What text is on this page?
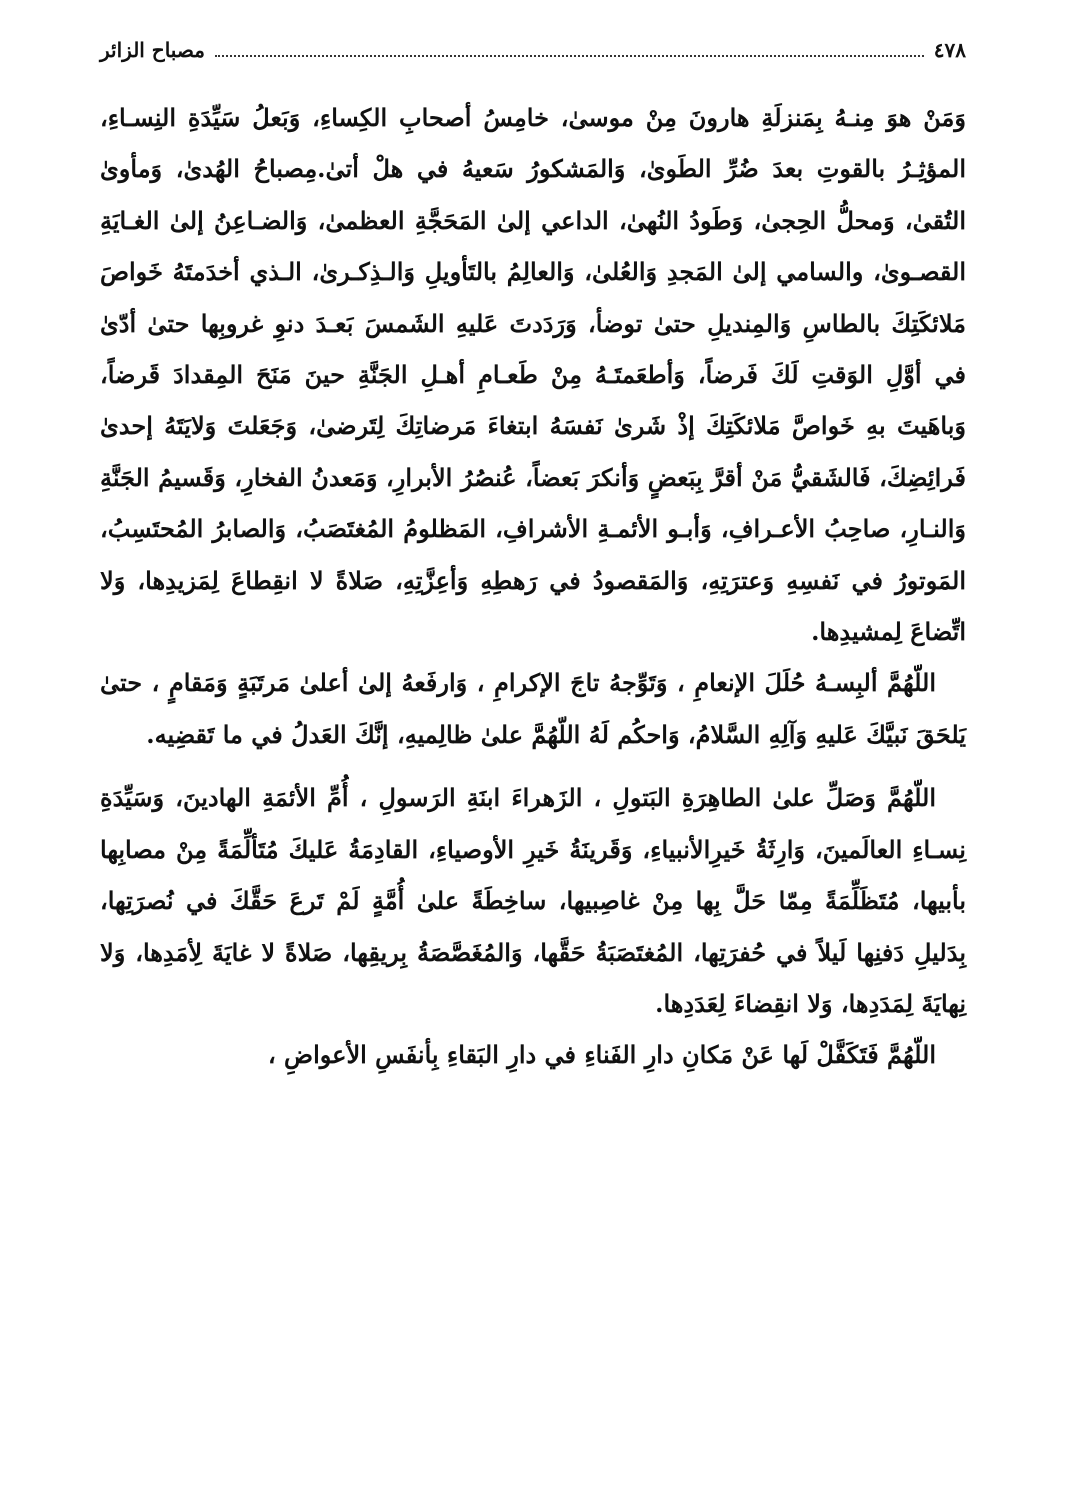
٤٧٨
مصباح الزائر

وَمَنْ هوَ مِنـهُ بِمَنزلَةِ هارونَ مِنْ موسىٰ، خامِسُ أصحابِ الكِساءِ، وَبَعلُ سَيِّدَةِ النِسـاءِ، المؤثِـرُ بالقوتِ بعدَ ضُرِّ الطَوىٰ، وَالمَشكورُ سَعيهُ في هلْ أتىٰ.مِصباحُ الهُدىٰ، وَمأوىٰ التُقىٰ، وَمحلُّ الحِجىٰ، وَطَودُ النُهىٰ، الداعي إلىٰ المَحَجَّةِ العظمىٰ، وَالضـاعِنُ إلىٰ الغـايَةِ القصـوىٰ، والسامي إلىٰ المَجدِ وَالعُلىٰ، وَالعالِمُ بالتَأويلِ وَالـذِكـرىٰ، الـذي أخدَمتَهُ خَواصَ مَلائكَتِكَ بالطاسِ وَالمِنديلِ حتىٰ توضأ، وَرَدَدتَ عَليهِ الشَمسَ بَعـدَ دنوِ غروبِها حتىٰ أدّىٰ في أوَّلِ الوَقتِ لَكَ فَرضاً، وَأطعَمتَـهُ مِنْ طَعـامِ أهـلِ الجَنَّةِ حينَ مَنَحَ المِقدادَ قَرضاً، وَباهَيتَ بهِ خَواصَّ مَلائكَتِكَ إذْ شَرىٰ نَفسَهُ ابتغاءَ مَرضاتِكَ لِتَرضىٰ، وَجَعَلتَ وَلايَتَهُ إحدىٰ فَرائِضِكَ، فَالشَقيُّ مَنْ أقرَّ بِبَعضٍ وَأنكرَ بَعضاً، عُنصُرُ الأبرارِ، وَمَعدنُ الفخارِ، وَقَسيمُ الجَنَّةِ وَالنـارِ، صاحِبُ الأعـرافِ، وَأبـو الأئمـةِ الأشرافِ، المَظلومُ المُغتَصَبُ، وَالصابرُ المُحتَسِبُ، المَوتورُ في نَفسِهِ وَعترَتِهِ، وَالمَقصودُ في رَهطِهِ وَأعِزَّتِهِ، صَلاةً لا انقِطاعَ لِمَزيدِها، وَلا اتِّضاعَ لِمشيدِها.

اللّهُمَّ ألبِسـهُ حُلَلَ الإنعامِ ، وَتَوِّجهُ تاجَ الإكرامِ ، وَارفَعهُ إلىٰ أعلىٰ مَرتَبَةٍ وَمَقامٍ ، حتىٰ يَلحَقَ نَبيَّكَ عَليهِ وَآلِهِ السَّلامُ، وَاحكُم لَهُ اللّهُمَّ علىٰ ظالِميهِ، إنَّكَ العَدلُ في ما تَقضِيه.

اللّهُمَّ وَصَلِّ علىٰ الطاهِرَةِ البَتولِ ، الزَهراءَ ابنَةِ الرَسولِ ، أُمِّ الأئمَةِ الهادينَ، وَسَيِّدَةِ نِسـاءِ العالَمينَ، وَارِثَةُ خَيرِالأنبياءِ، وَقَرينَةُ خَيرِ الأوصياءِ، القادِمَةُ عَليكَ مُتَألِّمَةً مِنْ مصابِها بأبيها، مُتَظَلِّمَةً مِمّا حَلَّ بِها مِنْ غاصِبيها، ساخِطَةً علىٰ أُمَّةٍ لَمْ تَرعَ حَقَّكَ في نُصرَتِها، بِدَليلِ دَفنِها لَيلاً في حُفرَتِها، المُغتَصَبَةُ حَقَّها، وَالمُغَصَّصَةُ بِريقِها، صَلاةً لا غايَةَ لِأمَدِها، وَلا نِهايَةَ لِمَدَدِها، وَلا انقِضاءَ لِعَدَدِها.

اللّهُمَّ فَتَكَفَّلْ لَها عَنْ مَكانِ دارِ الفَناءِ في دارِ البَقاءِ بِأنفَسِ الأعواضِ ،
